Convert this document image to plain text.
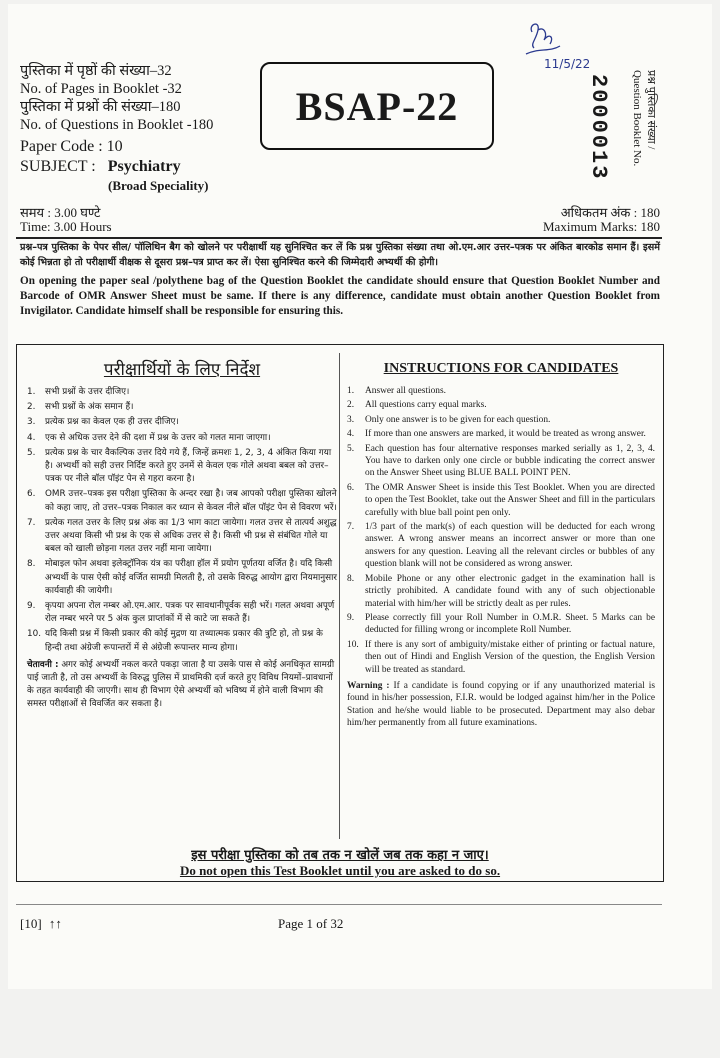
11/5/22
पुस्तिका में पृष्ठों की संख्या–32
No. of Pages in Booklet -32
पुस्तिका में प्रश्नों की संख्या–180
No. of Questions in Booklet -180
Paper Code : 10
SUBJECT : Psychiatry
(Broad Speciality)
BSAP-22	Question Booklet No. प्रश्न पुस्तिका संख्या /
2000013
समय : 3.00 घण्टे
Time: 3.00 Hours
अधिकतम अंक : 180
Maximum Marks: 180

प्रश्न–पत्र पुस्तिका के पेपर सील/ पॉलिथिन बैग को खोलने पर परीक्षार्थी यह सुनिश्चित कर लें कि प्रश्न पुस्तिका संख्या तथा ओ.एम.आर उत्तर–पत्रक पर अंकित बारकोड समान हैं। इसमें कोई भिन्नता हो तो परीक्षार्थी वीक्षक से दूसरा प्रश्न–पत्र प्राप्त कर लें। ऐसा सुनिश्चित करने की जिम्मेदारी अभ्यर्थी की होगी।

On opening the paper seal /polythene bag of the Question Booklet the candidate should ensure that Question Booklet Number and Barcode of OMR Answer Sheet must be same. If there is any difference, candidate must obtain another Question Booklet from Invigilator. Candidate himself shall be responsible for ensuring this.

परीक्षार्थियों के लिए निर्देश
1.	सभी प्रश्नों के उत्तर दीजिए।
2.	सभी प्रश्नों के अंक समान हैं।
3.	प्रत्येक प्रश्न का केवल एक ही उत्तर दीजिए।
4.	एक से अधिक उत्तर देने की दशा में प्रश्न के उत्तर को गलत माना जाएगा।
5.	प्रत्येक प्रश्न के चार वैकल्पिक उत्तर दिये गये हैं, जिन्हें क्रमशः 1, 2, 3, 4 अंकित किया गया है। अभ्यर्थी को सही उत्तर निर्दिष्ट करते हुए उनमें से केवल एक गोले अथवा बबल को उत्तर–पत्रक पर नीले बॉल पॉइंट पेन से गहरा करना है।
6.	OMR उत्तर–पत्रक इस परीक्षा पुस्तिका के अन्दर रखा है। जब आपको परीक्षा पुस्तिका खोलने को कहा जाए, तो उत्तर–पत्रक निकाल कर ध्यान से केवल नीले बॉल पॉइंट पेन से विवरण भरें।
7.	प्रत्येक गलत उत्तर के लिए प्रश्न अंक का 1/3 भाग काटा जायेगा। गलत उत्तर से तात्पर्य अशुद्ध उत्तर अथवा किसी भी प्रश्न के एक से अधिक उत्तर से है। किसी भी प्रश्न से संबंधित गोले या बबल को खाली छोड़ना गलत उत्तर नहीं माना जायेगा।
8.	मोबाइल फोन अथवा इलेक्ट्रॉनिक यंत्र का परीक्षा हॉल में प्रयोग पूर्णतया वर्जित है। यदि किसी अभ्यर्थी के पास ऐसी कोई वर्जित सामग्री मिलती है, तो उसके विरुद्ध आयोग द्वारा नियमानुसार कार्यवाही की जायेगी।
9.	कृपया अपना रोल नम्बर ओ.एम.आर. पत्रक पर सावधानीपूर्वक सही भरें। गलत अथवा अपूर्ण रोल नम्बर भरने पर 5 अंक कुल प्राप्तांकों में से काटे जा सकते हैं।
10. यदि किसी प्रश्न में किसी प्रकार की कोई मुद्रण या तथ्यात्मक प्रकार की त्रुटि हो, तो प्रश्न के हिन्दी तथा अंग्रेजी रूपान्तरों में से अंग्रेजी रूपान्तर मान्य होगा।
चेतावनी : अगर कोई अभ्यर्थी नकल करते पकड़ा जाता है या उसके पास से कोई अनधिकृत सामग्री पाई जाती है, तो उस अभ्यर्थी के विरुद्ध पुलिस में प्राथमिकी दर्ज करते हुए विविध नियमों–प्रावधानों के तहत कार्यवाही की जाएगी। साथ ही विभाग ऐसे अभ्यर्थी को भविष्य में होने वाली विभाग की समस्त परीक्षाओं से विवर्जित कर सकता है।
INSTRUCTIONS FOR CANDIDATES
1.	Answer all questions.
2.	All questions carry equal marks.
3.	Only one answer is to be given for each question.
4.	If more than one answers are marked, it would be treated as wrong answer.
5.	Each question has four alternative responses marked serially as 1, 2, 3, 4. You have to darken only one circle or bubble indicating the correct answer on the Answer Sheet using BLUE BALL POINT PEN.
6.	The OMR Answer Sheet is inside this Test Booklet. When you are directed to open the Test Booklet, take out the Answer Sheet and fill in the particulars carefully with blue ball point pen only.
7.	1/3 part of the mark(s) of each question will be deducted for each wrong answer. A wrong answer means an incorrect answer or more than one answers for any question. Leaving all the relevant circles or bubbles of any question blank will not be considered as wrong answer.
8.	Mobile Phone or any other electronic gadget in the examination hall is strictly prohibited. A candidate found with any of such objectionable material with him/her will be strictly dealt as per rules.
9.	Please correctly fill your Roll Number in O.M.R. Sheet. 5 Marks can be deducted for filling wrong or incomplete Roll Number.
10. If there is any sort of ambiguity/mistake either of printing or factual nature, then out of Hindi and English Version of the question, the English Version will be treated as standard.
Warning : If a candidate is found copying or if any unauthorized material is found in his/her possession, F.I.R. would be lodged against him/her in the Police Station and he/she would liable to be prosecuted. Department may also debar him/her permanently from all future examinations.
इस परीक्षा पुस्तिका को तब तक न खोलें जब तक कहा न जाए।
Do not open this Test Booklet until you are asked to do so.
[10] ↑↑	Page 1 of 32
